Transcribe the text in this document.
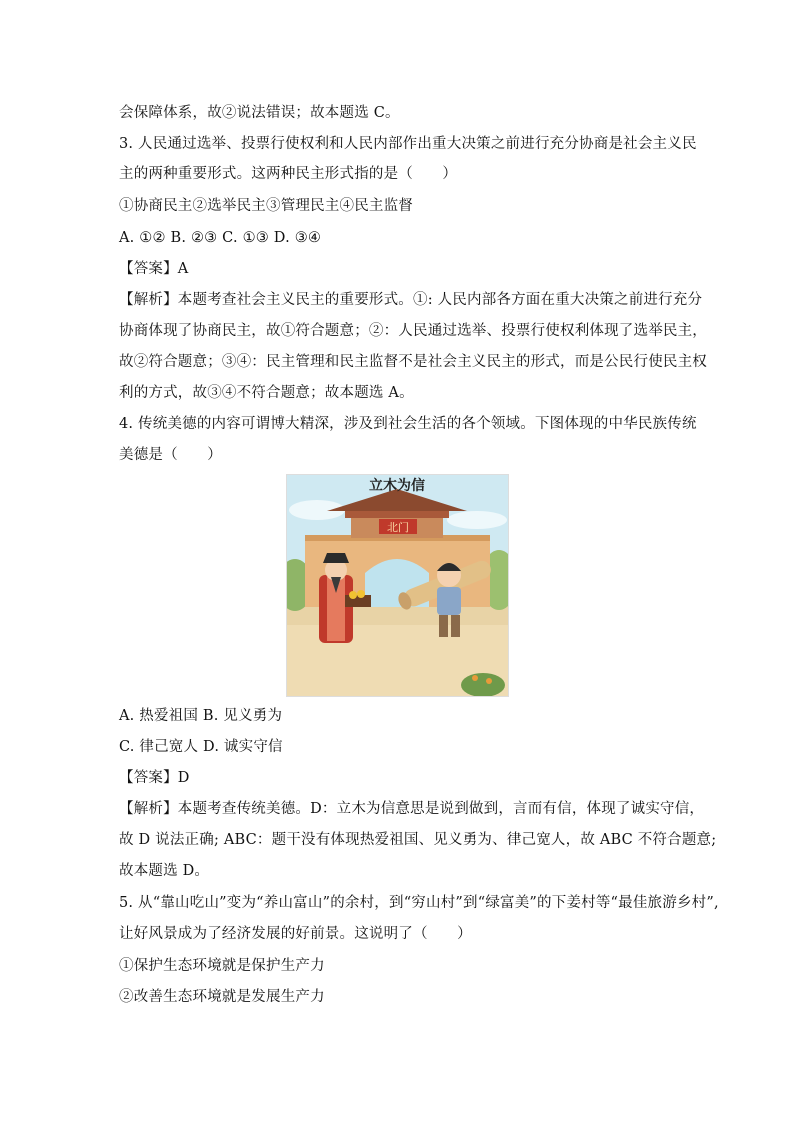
会保障体系，故②说法错误；故本题选 C。
3. 人民通过选举、投票行使权利和人民内部作出重大决策之前进行充分协商是社会主义民
主的两种重要形式。这两种民主形式指的是（　　）
①协商民主②选举民主③管理民主④民主监督
A. ①② B. ②③ C. ①③ D. ③④
【答案】A
【解析】本题考查社会主义民主的重要形式。①: 人民内部各方面在重大决策之前进行充分
协商体现了协商民主，故①符合题意；②：人民通过选举、投票行使权利体现了选举民主，
故②符合题意；③④：民主管理和民主监督不是社会主义民主的形式，而是公民行使民主权
利的方式，故③④不符合题意；故本题选 A。
4. 传统美德的内容可谓博大精深，涉及到社会生活的各个领域。下图体现的中华民族传统
美德是（　　）
北门
立木为信
A. 热爱祖国 B. 见义勇为
C. 律己宽人 D. 诚实守信
【答案】D
【解析】本题考查传统美德。D：立木为信意思是说到做到，言而有信，体现了诚实守信，
故 D 说法正确; ABC：题干没有体现热爱祖国、见义勇为、律己宽人，故 ABC 不符合题意;
故本题选 D。
5. 从“靠山吃山”变为“养山富山”的余村，到“穷山村”到“绿富美”的下姜村等“最佳旅游乡村”,
让好风景成为了经济发展的好前景。这说明了（　　）
①保护生态环境就是保护生产力
②改善生态环境就是发展生产力
